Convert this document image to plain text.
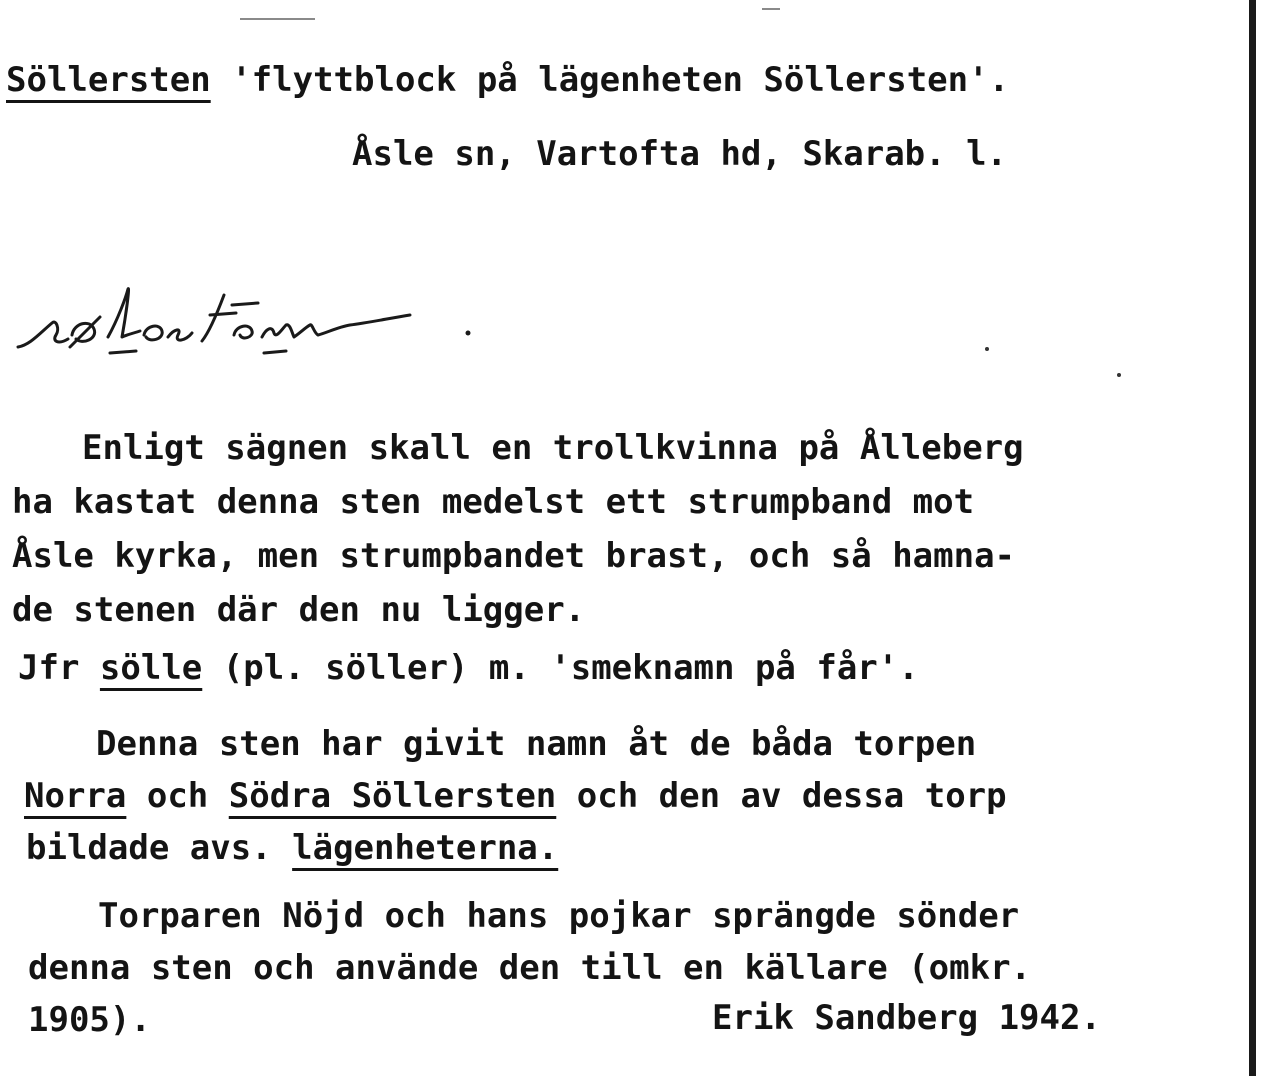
Söllersten 'flyttblock på lägenheten Söllersten'.
Åsle sn, Vartofta hd, Skarab. l.
Enligt sägnen skall en trollkvinna på Ålleberg
ha kastat denna sten medelst ett strumpband mot
Åsle kyrka, men strumpbandet brast, och så hamna-
de stenen där den nu ligger.
Jfr sölle (pl. söller) m. 'smeknamn på får'.
Denna sten har givit namn åt de båda torpen
Norra och Södra Söllersten och den av dessa torp
bildade avs. lägenheterna.
Torparen Nöjd och hans pojkar sprängde sönder
denna sten och använde den till en källare (omkr.
1905).	Erik Sandberg 1942.
